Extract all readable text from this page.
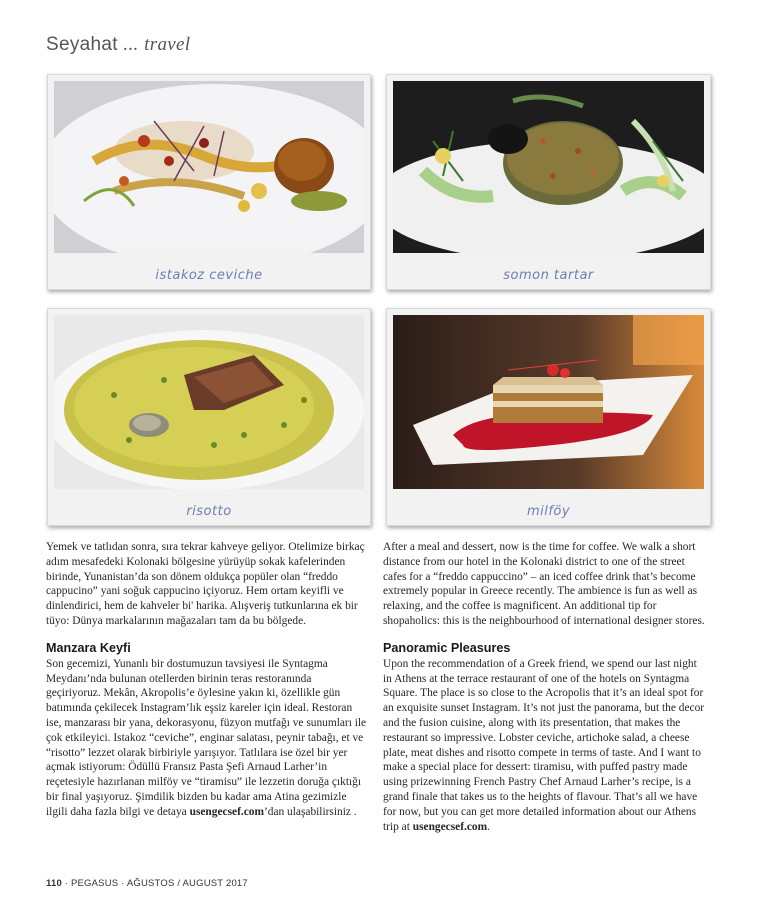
Seyahat ... travel
istakoz ceviche	somon tartar
risotto	milföy

Yemek ve tatlıdan sonra, sıra tekrar kahveye geliyor. Otelimize birkaç adım mesafedeki Kolonaki bölgesine yürüyüp sokak kafelerinden birinde, Yunanistan’da son dönem oldukça popüler olan “freddo cappucino” yani soğuk cappucino içiyoruz. Hem ortam keyifli ve dinlendirici, hem de kahveler bi' harika. Alışveriş tutkunlarına ek bir tüyo: Dünya markalarının mağazaları tam da bu bölgede.

Manzara Keyfi

Son gecemizi, Yunanlı bir dostumuzun tavsiyesi ile Syntagma Meydanı’nda bulunan otellerden birinin teras restoranında geçiriyoruz. Mekân, Akropolis’e öylesine yakın ki, özellikle gün batımında çekilecek Instagram’lık eşsiz kareler için ideal. Restoran ise, manzarası bir yana, dekorasyonu, füzyon mutfağı ve sunumları ile çok etkileyici. Istakoz “ceviche”, enginar salatası, peynir tabağı, et ve “risotto” lezzet olarak birbiriyle yarışıyor. Tatlılara ise özel bir yer açmak istiyorum: Ödüllü Fransız Pasta Şefi Arnaud Larher’in reçetesiyle hazırlanan milföy ve “tiramisu” ile lezzetin doruğa çıktığı bir final yaşıyoruz. Şimdilik bizden bu kadar ama Atina gezimizle ilgili daha fazla bilgi ve detaya usengecsef.com’dan ulaşabilirsiniz .

After a meal and dessert, now is the time for coffee. We walk a short distance from our hotel in the Kolonaki district to one of the street cafes for a “freddo cappuccino” – an iced coffee drink that’s become extremely popular in Greece recently. The ambience is fun as well as relaxing, and the coffee is magnificent. An additional tip for shopaholics: this is the neighbourhood of international designer stores.

Panoramic Pleasures

Upon the recommendation of a Greek friend, we spend our last night in Athens at the terrace restaurant of one of the hotels on Syntagma Square. The place is so close to the Acropolis that it’s an ideal spot for an exquisite sunset Instagram. It’s not just the panorama, but the decor and the fusion cuisine, along with its presentation, that makes the restaurant so impressive. Lobster ceviche, artichoke salad, a cheese plate, meat dishes and risotto compete in terms of taste. And I want to make a special place for dessert: tiramisu, with puffed pastry made using prizewinning French Pastry Chef Arnaud Larher’s recipe, is a grand finale that takes us to the heights of flavour. That’s all we have for now, but you can get more detailed information about our Athens trip at usengecsef.com.

110 · PEGASUS · AĞUSTOS / AUGUST 2017
